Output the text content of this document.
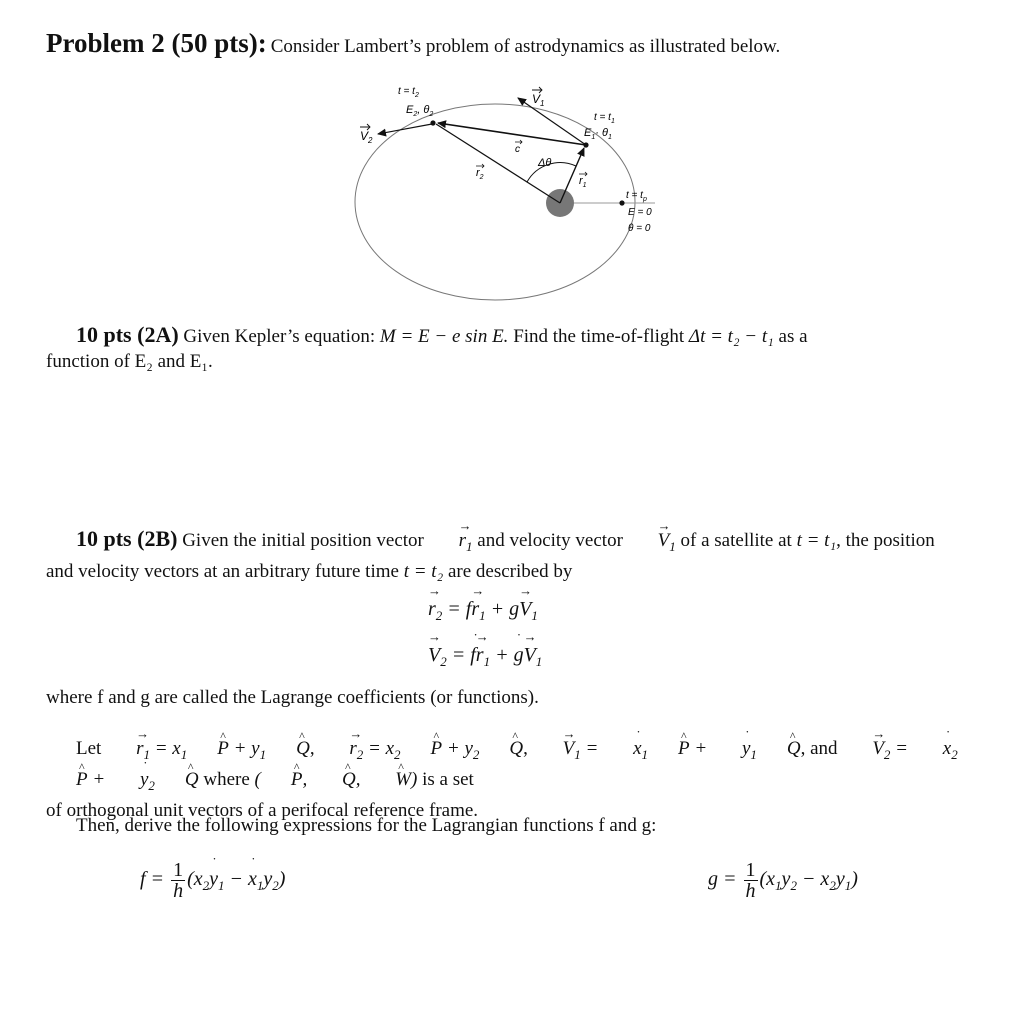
Problem 2 (50 pts): Consider Lambert’s problem of astrodynamics as illustrated below.
$t = t_2$
$E_2$, $\theta_2$
$V_1$
$t = t_1$
$E_1\cdot \theta_1$
$V_2$
c
Δθ
$r_2$	$r_1$
$t = t_p$
E = 0
θ = 0
10 pts (2A) Given Kepler’s equation: M = E − e sin E. Find the time-of-flight Δt = t₂ − t₁ as a
function of E₂ and E₁.
10 pts (2B) Given the initial position vector → $r_1$ and velocity vector → $V_1$ of a satellite at t = t₁, the position
and velocity vectors at an arbitrary future time t = t₂ are described by
→ $r_2 = f\to r_1 + g\to V_1$
→ $V_2$ = ˙ $f\to r_1$ + ˙ $g\to V_1$
where f and g are called the Lagrange coefficients (or functions).
Let → $r_1$ = $x_1\^{}$ $P + y_1\^{}$ Q, → $r_2$ = $x_2\^{}$ $P + y_2\^{}$ Q, → $V_1$ = ˙ $x_1\^{}$ P + ˙ $y_1\^{}$ Q, and → $V_2$ = ˙ $x_2\^{}$ P + ˙ $y_2\^{}$ Q where (^ P, ^ Q, ^ W) is a set
of orthogonal unit vectors of a perifocal reference frame.
Then, derive the following expressions for the Lagrangian functions f and g:
$f = \frac{1}{h}$ ($x_2˙$ $y_1$ − ˙ $x_1y_2$)	$g = \frac{1}{h} (x_1y_2 - x_2y_1)$
